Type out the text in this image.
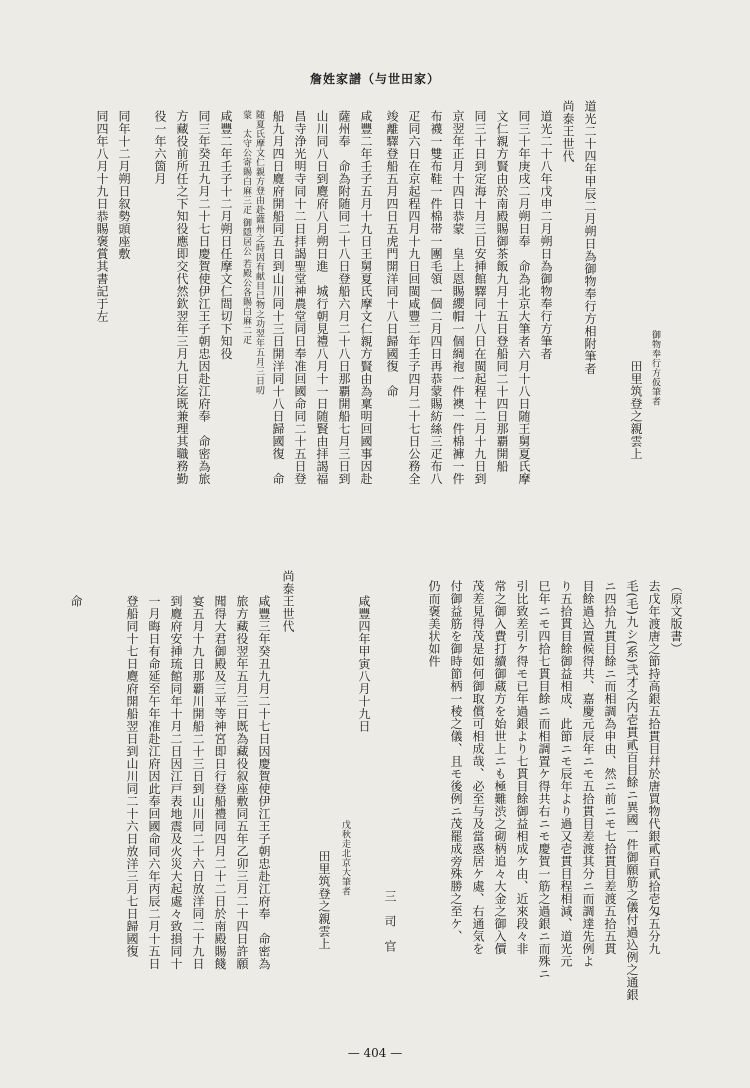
詹姓家譜（与世田家）
御物奉行方仮筆者
田里筑登之親雲上
道光二十四年甲辰二月朔日為御物奉行方相附筆者
尚泰王世代
道光二十八年戊申二月朔日為御物奉行方筆者
同三十年庚戌二月朔日奉　命為北京大筆者六月十八日随王舅夏氏摩
文仁親方賢由於南殿賜御茶飯九月十五日登船同二十四日那覇開船
同三十日到定海十月三日安挿館驛同十八日在閩起程十二月十九日到
京翌年正月十四日恭蒙　皇上恩賜纓帽一個綢袍一件襖一件棉褲一件
布襪一雙布鞋一件棉帯一團毛領一個二月四日再恭蒙賜紡絲三疋布八
疋同六日在京起程四月十九日回閩咸豐二年壬子四月二十七日公務全
竣離驛登船五月四日五虎門開洋同十八日歸國復　命
咸豐二年壬子五月十九日王舅夏氏摩文仁親方賢由為稟明回國事因赴
薩州奉　命為附随同二十八日登船六月二十八日那覇開船七月三日到
山川同八日到麑府八月朔日進　城行朝見禮八月十一日随賢由拝謁福
昌寺浄光明寺同十二日拝謁聖堂神農堂同日奉准回國命同二十五日登
船九月四日麑府開船同五日到山川同十三日開洋同十八日歸國復　命
随夏氏摩文仁親方登由赴薩州之時因有献目已物之功翌年五月三日叨
蒙　太守公寄賜白麻三疋 御隠居公 若殿公各賜白麻二疋
咸豐二年壬子十二月朔日任摩文仁間切下知役
同三年癸丑九月二十七日慶賀使伊江王子朝忠因赴江府奉　命密為旅
方藏役前所任之下知役應即交代然欽翌年三月九日迄既兼理其職務勤
役一年六箇月
同年十二月朔日叙勢頭座敷
同四年八月十九日恭賜褒賞其書記于左
（原文版書）
去戊年渡唐之節持高銀五拾貫目幷於唐買物代銀貳百貳拾壱匁五分九
毛(毛)九シ(系)弐才之内壱貫貳百目餘ニ異國一件御願筋之儀付過込例之通銀
ニ四拾九貫目餘ニ而相調為申由、然ニ前ニモ七拾貫目差渡五拾五貫
目餘過込置候得共、嘉慶元辰年ニモ五拾貫目差渡其分ニ而調達先例よ
り五拾貫目餘御益相成、此節ニモ辰年より過又壱貫目程相減、道光元
巳年ニモ四拾七貫目餘ニ而相調置ケ得共右ニモ慶賀一筋之過銀ニ而殊ニ
引比致差引ケ得モ已年過銀より七貫目餘御益相成ケ由、近來段々非
常之御入費打續御蔵方を始世上ニも極難渋之砌柄追々大金之御入價
茂差見得茂是如何御取償可相成哉、必至与及當惑居ケ處、右通気を
付御益筋を御時節柄一稜之儀、且モ後例ニ茂罷成旁殊勝之至ケ、
仍而褒美状如件
咸豐四年甲寅八月十九日
三　司　官
尚泰王世代
戊秋走北京大筆者
田里筑登之親雲上
咸豐三年癸丑九月二十七日因慶賀使伊江王子朝忠赴江府奉　命密為
旅方藏役翌年五月三日既為藏役叙座敷同五年乙卯三月二十四日許願
聞得大君御殿及三平等神宮即日行登船禮同四月二十二日於南殿賜餞
宴五月十九日那覇川開船二十三日到山川同二十六日放洋同二十九日
到麑府安挿琉館同年十月二日因江戸表地震及火災大起處々致損同十
一月晦日有命延至午年准赴江府因此奉回國命同六年丙辰二月十五日
登船同十七日麑府開船翌日到山川同二十六日放洋三月七日歸國復
命
— 404 —
